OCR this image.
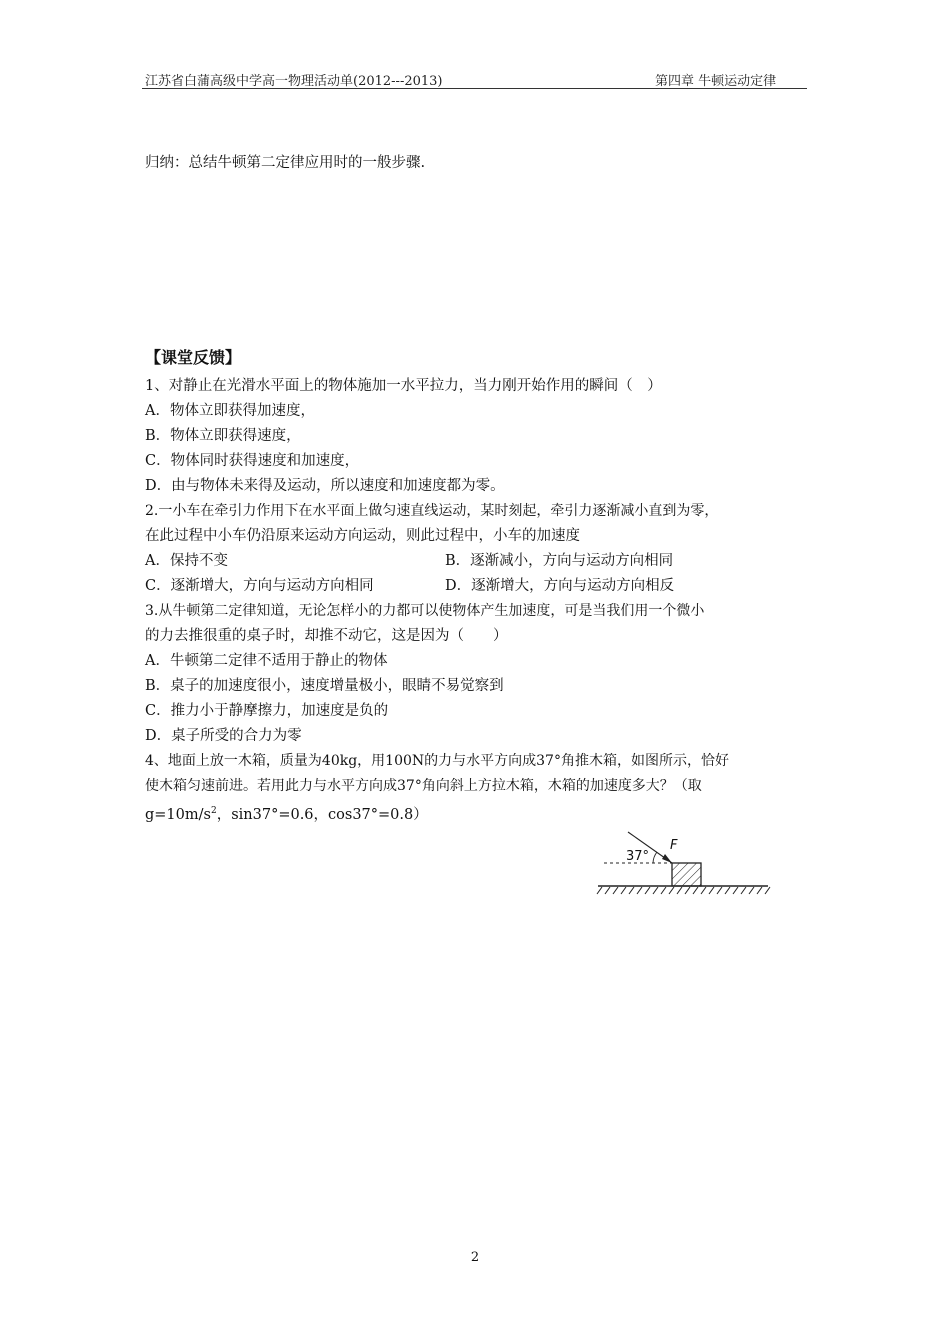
江苏省白蒲高级中学高一物理活动单(2012---2013)	第四章 牛顿运动定律
归纳：总结牛顿第二定律应用时的一般步骤.
【课堂反馈】
1、对静止在光滑水平面上的物体施加一水平拉力，当力刚开始作用的瞬间（　）
A．物体立即获得加速度，
B．物体立即获得速度，
C．物体同时获得速度和加速度，
D．由与物体未来得及运动，所以速度和加速度都为零。
2.一小车在牵引力作用下在水平面上做匀速直线运动，某时刻起，牵引力逐渐减小直到为零，
在此过程中小车仍沿原来运动方向运动，则此过程中，小车的加速度
A．保持不变	B．逐渐减小，方向与运动方向相同
C．逐渐增大，方向与运动方向相同	D．逐渐增大，方向与运动方向相反
3.从牛顿第二定律知道，无论怎样小的力都可以使物体产生加速度，可是当我们用一个微小
的力去推很重的桌子时，却推不动它，这是因为（　　）
A．牛顿第二定律不适用于静止的物体
B．桌子的加速度很小，速度增量极小，眼睛不易觉察到
C．推力小于静摩擦力，加速度是负的
D．桌子所受的合力为零
4、地面上放一木箱，质量为40kg，用100N的力与水平方向成37°角推木箱，如图所示，恰好
使木箱匀速前进。若用此力与水平方向成37°角向斜上方拉木箱，木箱的加速度多大？（取
$g=10m/s^2$，sin37°=0.6，cos37°=0.8）
37°
F
2
